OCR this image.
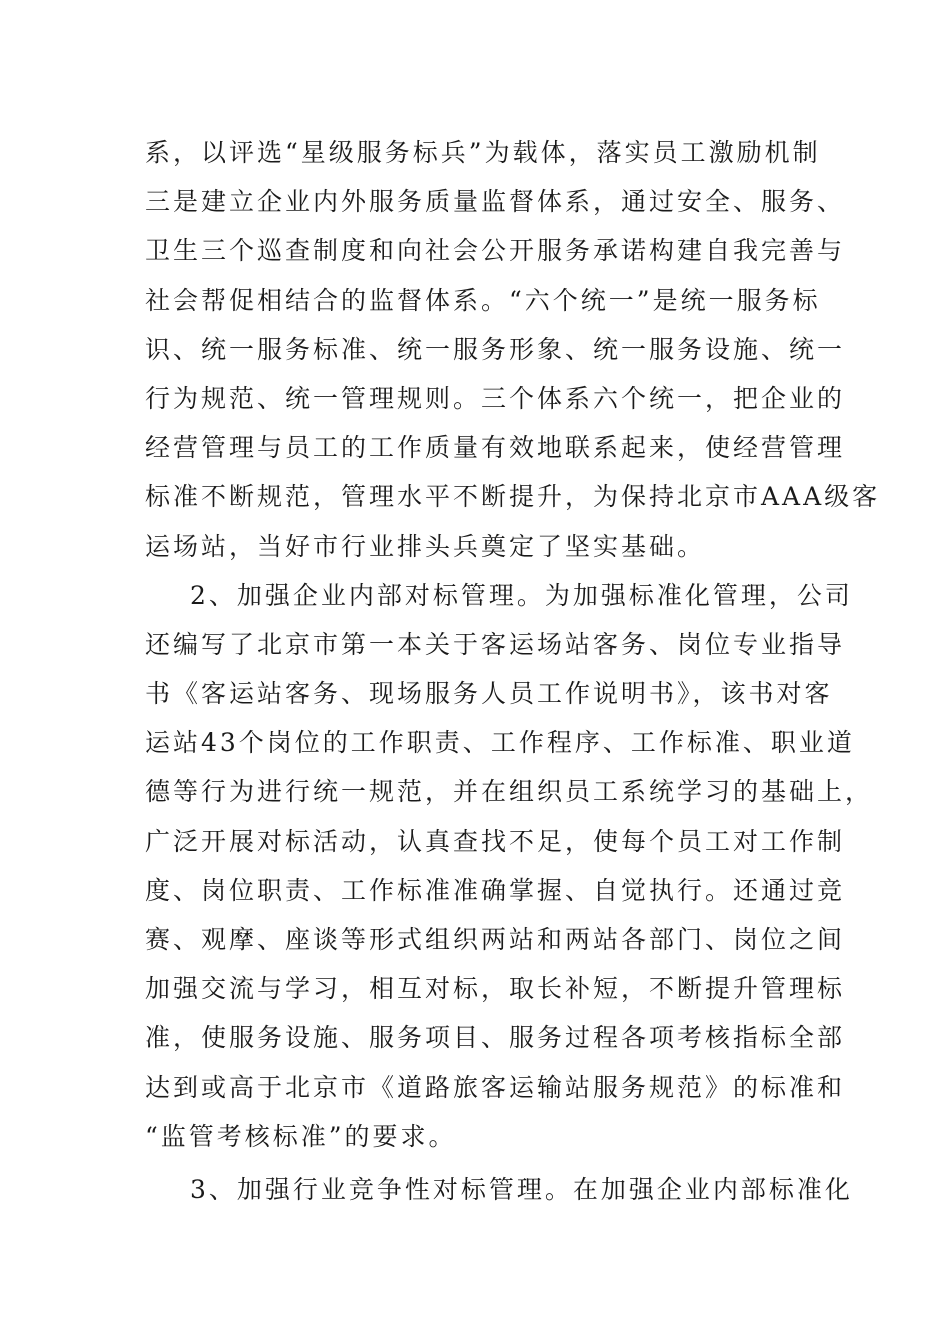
系，以评选“星级服务标兵”为载体，落实员工激励机制
三是建立企业内外服务质量监督体系，通过安全、服务、
卫生三个巡查制度和向社会公开服务承诺构建自我完善与
社会帮促相结合的监督体系。“六个统一”是统一服务标
识、统一服务标准、统一服务形象、统一服务设施、统一
行为规范、统一管理规则。三个体系六个统一，把企业的
经营管理与员工的工作质量有效地联系起来，使经营管理
标准不断规范，管理水平不断提升，为保持北京市AAA级客
运场站，当好市行业排头兵奠定了坚实基础。
2、加强企业内部对标管理。为加强标准化管理，公司
还编写了北京市第一本关于客运场站客务、岗位专业指导
书《客运站客务、现场服务人员工作说明书》，该书对客
运站43个岗位的工作职责、工作程序、工作标准、职业道
德等行为进行统一规范，并在组织员工系统学习的基础上，
广泛开展对标活动，认真查找不足，使每个员工对工作制
度、岗位职责、工作标准准确掌握、自觉执行。还通过竞
赛、观摩、座谈等形式组织两站和两站各部门、岗位之间
加强交流与学习，相互对标，取长补短，不断提升管理标
准，使服务设施、服务项目、服务过程各项考核指标全部
达到或高于北京市《道路旅客运输站服务规范》的标准和
“监管考核标准”的要求。
3、加强行业竞争性对标管理。在加强企业内部标准化
